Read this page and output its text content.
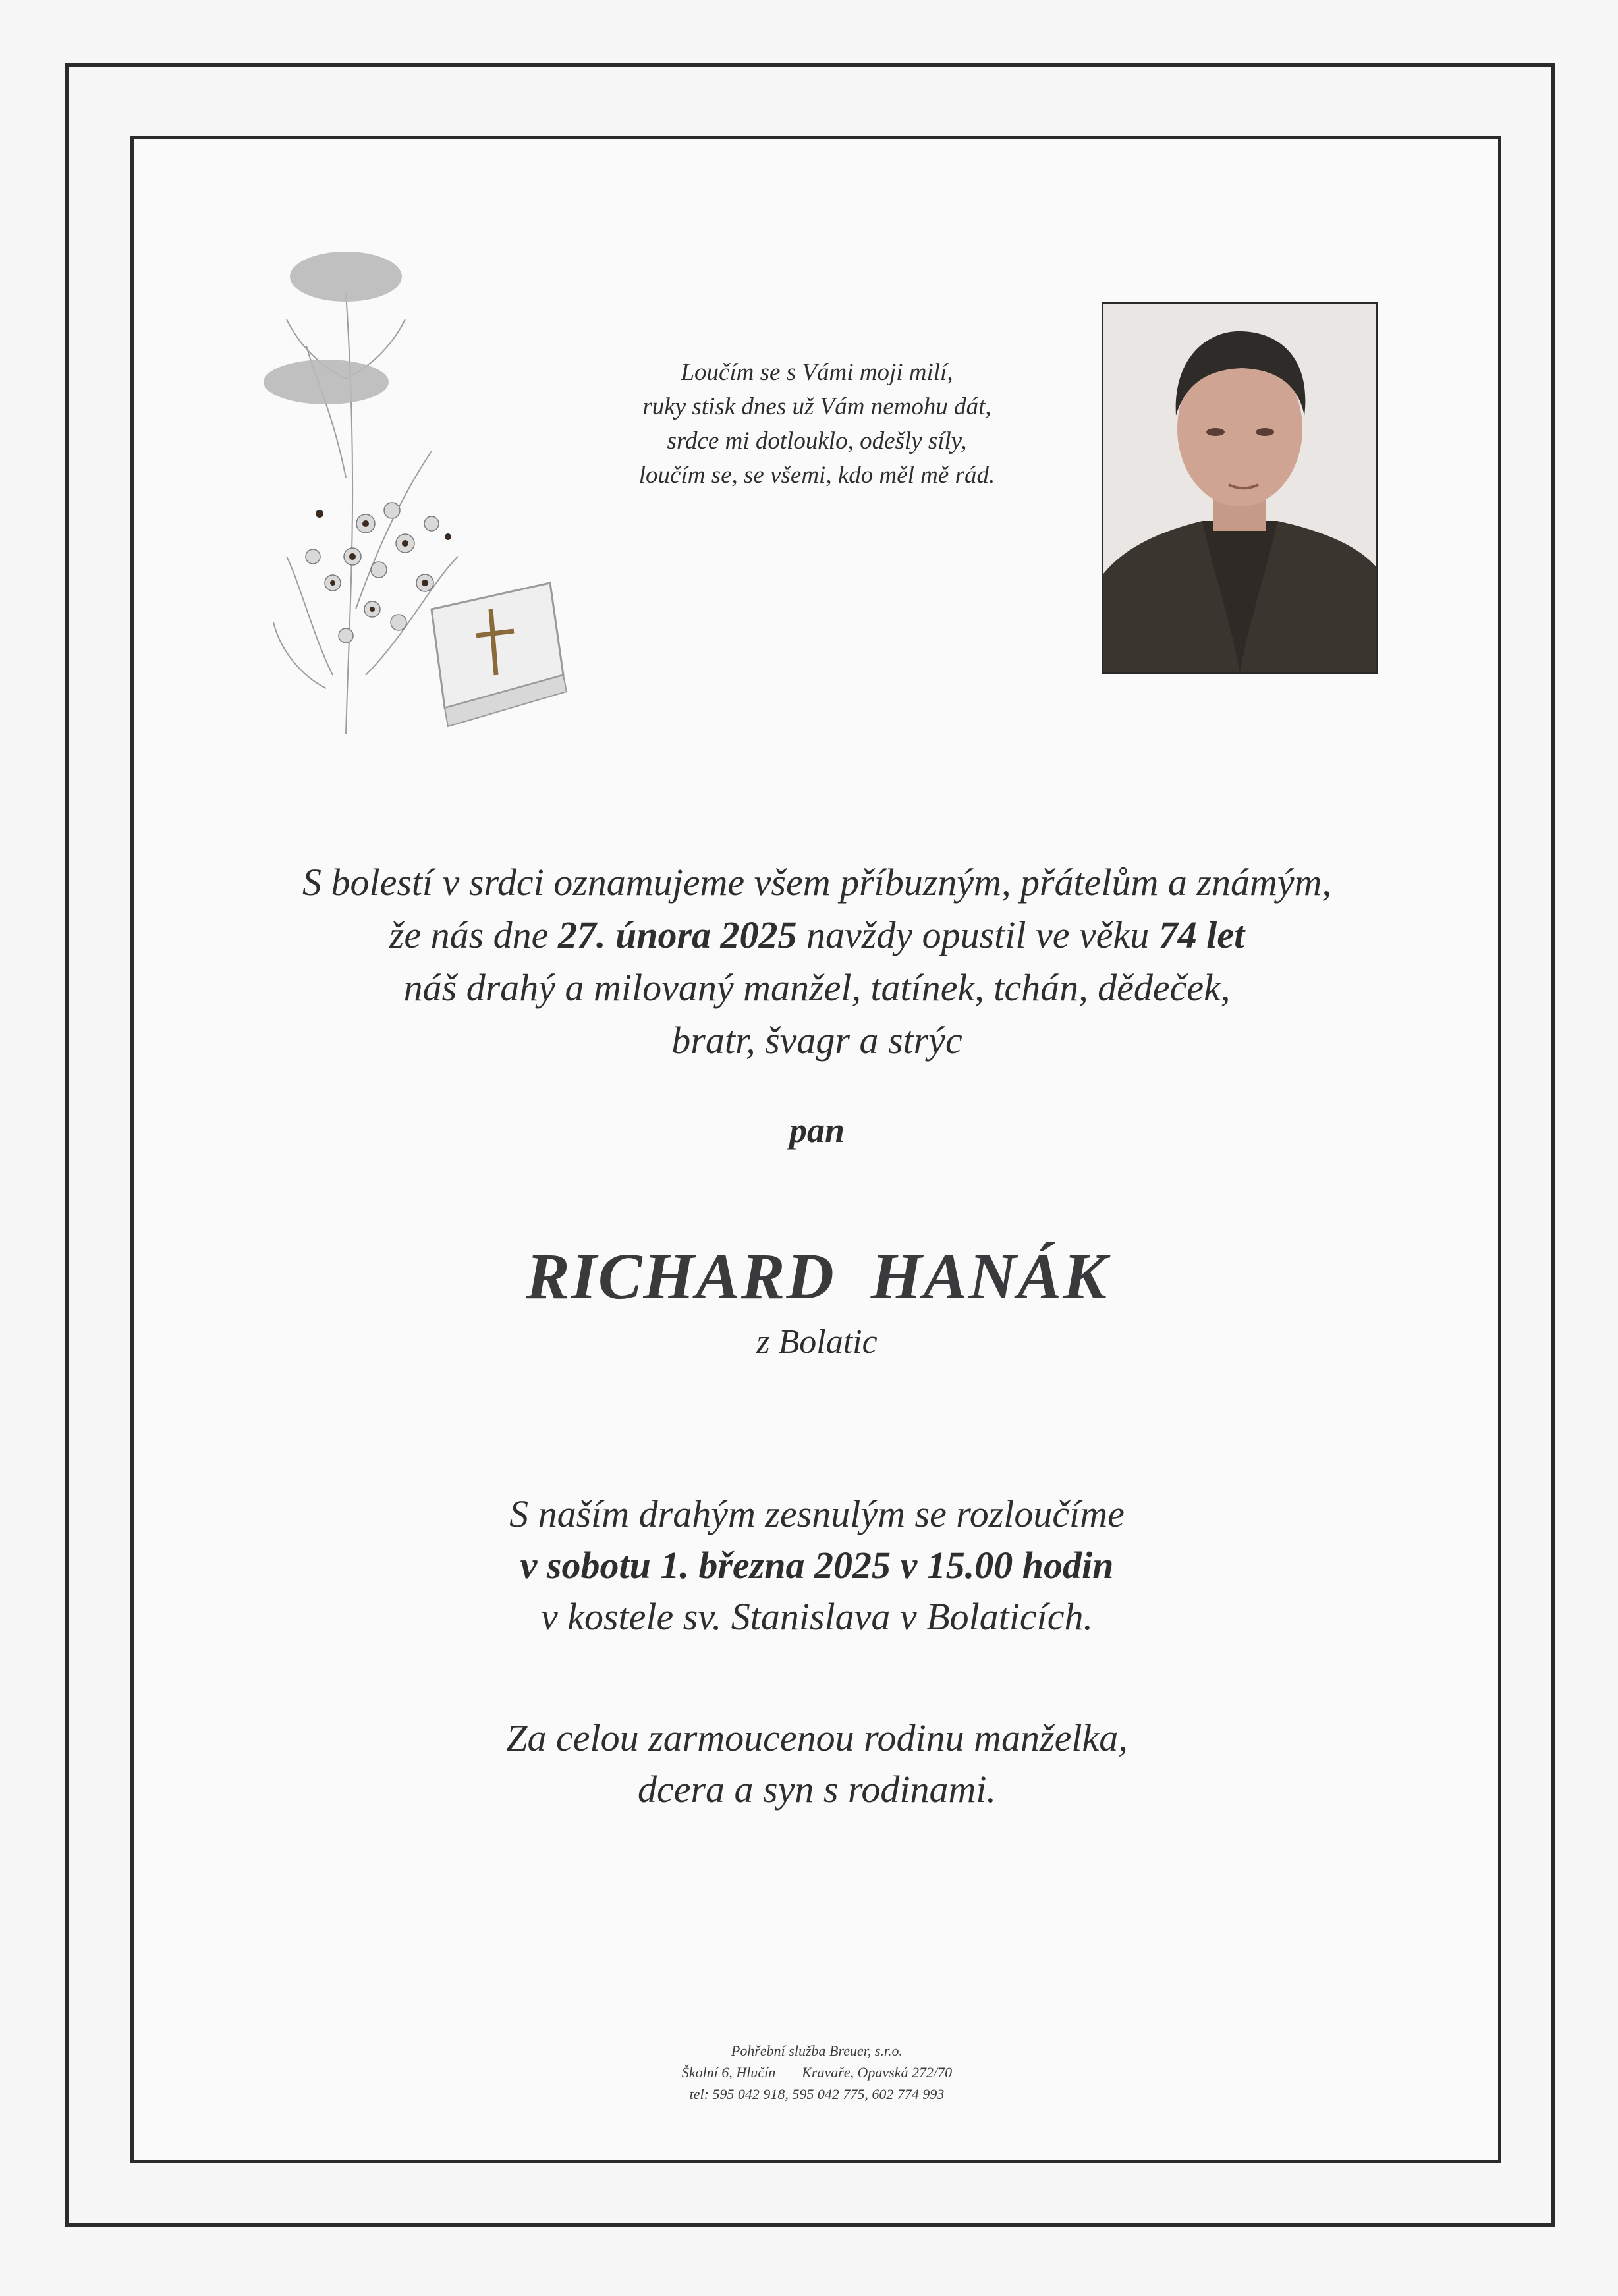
Loučím se s Vámi moji milí,
ruky stisk dnes už Vám nemohu dát,
srdce mi dotlouklo, odešly síly,
loučím se, se všemi, kdo měl mě rád.
S bolestí v srdci oznamujeme všem příbuzným, přátelům a známým,
že nás dne 27. února 2025 navždy opustil ve věku 74 let
náš drahý a milovaný manžel, tatínek, tchán, dědeček,
bratr, švagr a strýc
pan
RICHARD  HANÁK
z Bolatic
S naším drahým zesnulým se rozloučíme
v sobotu 1. března 2025 v 15.00 hodin
v kostele sv. Stanislava v Bolaticích.
Za celou zarmoucenou rodinu manželka,
dcera a syn s rodinami.
Pohřební služba Breuer, s.r.o.
Školní 6, Hlučín Kravaře, Opavská 272/70
tel: 595 042 918, 595 042 775, 602 774 993
